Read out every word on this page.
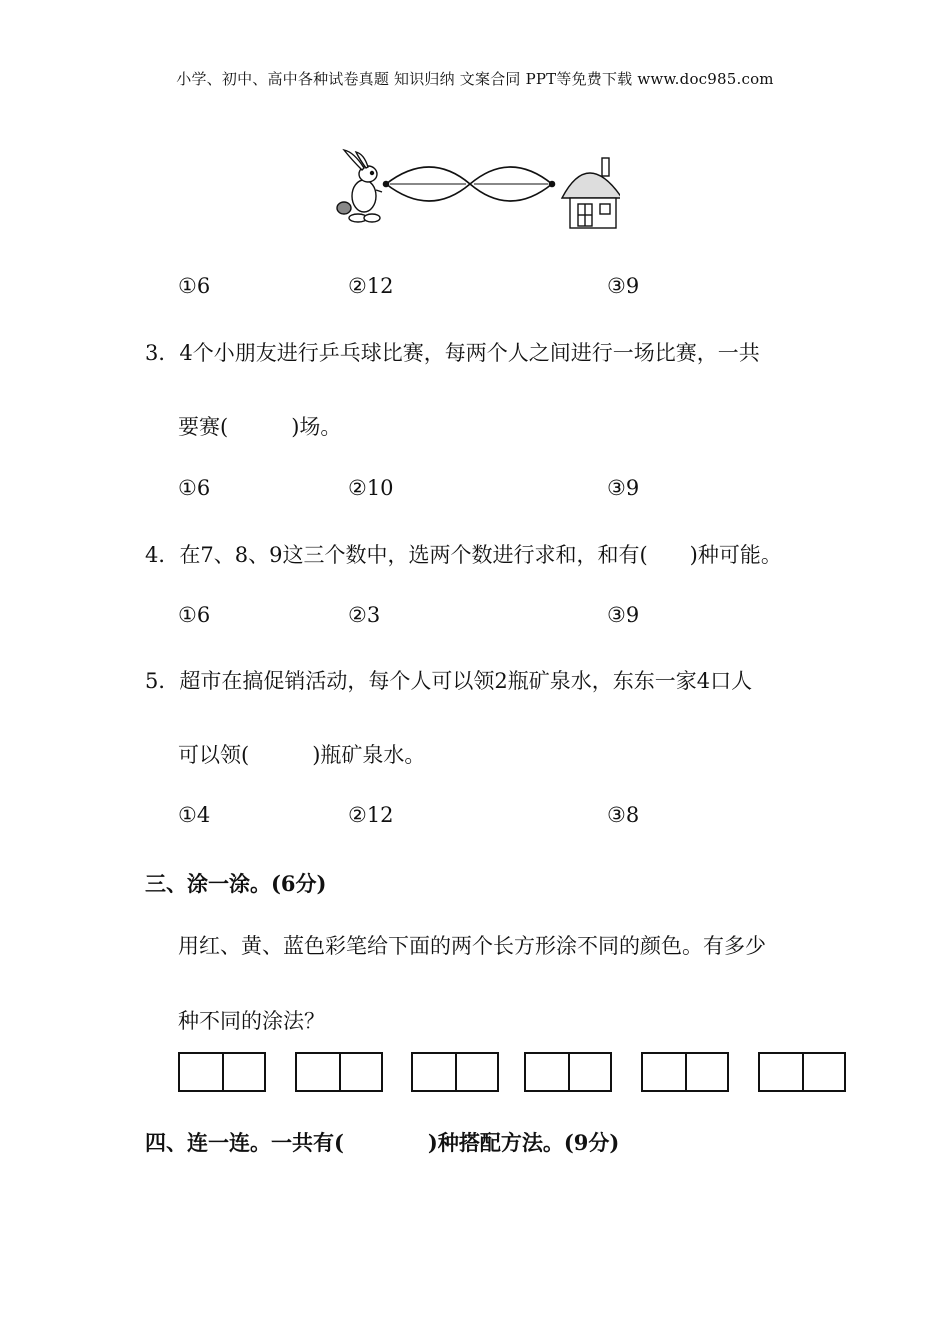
小学、初中、高中各种试卷真题 知识归纳 文案合同 PPT等免费下载 www.doc985.com
①6	②12	③9
3．4个小朋友进行乒乓球比赛，每两个人之间进行一场比赛，一共
要赛(　　　)场。
①6	②10	③9
4．在7、8、9这三个数中，选两个数进行求和，和有(　　)种可能。
①6	②3	③9
5．超市在搞促销活动，每个人可以领2瓶矿泉水，东东一家4口人
可以领(　　　)瓶矿泉水。
①4	②12	③8
三、涂一涂。(6分)
用红、黄、蓝色彩笔给下面的两个长方形涂不同的颜色。有多少
种不同的涂法？
四、连一连。一共有(　　　　)种搭配方法。(9分)
